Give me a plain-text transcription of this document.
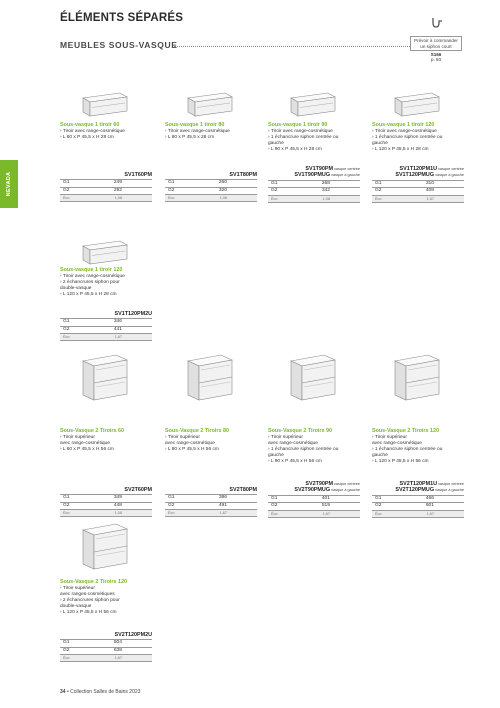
NEVADA
ÉLÉMENTS SÉPARÉS
MEUBLES SOUS-VASQUE	Prévoir à commander un siphon court
S166
p. 93
Sous-vasque 1 tiroir 60
› Tiroir avec range-cosmétique
› L 60 x P 45,5 x H 28 cm
SV1T60PM
G1	249
G2	292
Éco	1,08
Sous-vasque 1 tiroir 80
› Tiroir avec range-cosmétique
› L 80 x P 45,5 x 28 cm
SV1T80PM
G1	260
G2	320
Éco	1,08
Sous-vasque 1 tiroir 90
› Tiroir avec range-cosmétique
› 1 échancrure siphon centrée ou
gauche
› L 90 x P 45,5 x H 28 cm
SV1T90PM vasque centrée
SV1T90PMUG vasque à gauche
G1	268
G2	342
Éco	1,08
Sous-vasque 1 tiroir 120
› Tiroir avec range-cosmétique
› 1 échancrure siphon centrée ou
gauche
› L 120 x P 45,5 x H 28 cm
SV1T120PM1U vasque centrée
SV1T120PMUG vasque à gauche
G1	310
G2	408
Éco	1,67
Sous-vasque 1 tiroir 120
› Tiroir avec range-cosmétique
› 2 échancrures siphon pour
double-vasque
› L 120 x P 45,5 x H 28 cm
SV1T120PM2U
G1	346
G2	441
Éco	1,67
Sous-Vasque 2 Tiroirs 60
› Tiroir supérieur
avec range-cosmétique
› L 60 x P 45,5 x H 56 cm
SV2T60PM
G1	349
G2	448
Éco	1,08
Sous-Vasque 2 Tiroirs 80
› Tiroir supérieur
avec range-cosmétique
› L 80 x P 45,5 x H 56 cm
SV2T80PM
G1	386
G2	491
Éco	1,67
Sous-Vasque 2 Tiroirs 90
› Tiroir supérieur
avec range-cosmétique
› 1 échancrure siphon centrée ou
gauche
› L 90 x P 45,5 x H 56 cm
SV2T90PM vasque centrée
SV2T90PMUG vasque à gauche
G1	401
G2	519
Éco	1,67
Sous-Vasque 2 Tiroirs 120
› Tiroir supérieur
avec range-cosmétique
› 1 échancrure siphon centrée ou
gauche
› L 120 x P 45,5 x H 56 cm
SV2T120PM1U vasque centrée
SV2T120PMUG vasque à gauche
G1	466
G2	601
Éco	1,67
Sous-Vasque 2 Tiroirs 120
› Tiroir supérieur
avec ranges-cosmétiques
› 2 échancrures siphon pour
double-vasque
› L 120 x P 45,5 x H 56 cm
SV2T120PM2U
G1	504
G2	638
Éco	1,67
34 • Collection Salles de Bains 2023
